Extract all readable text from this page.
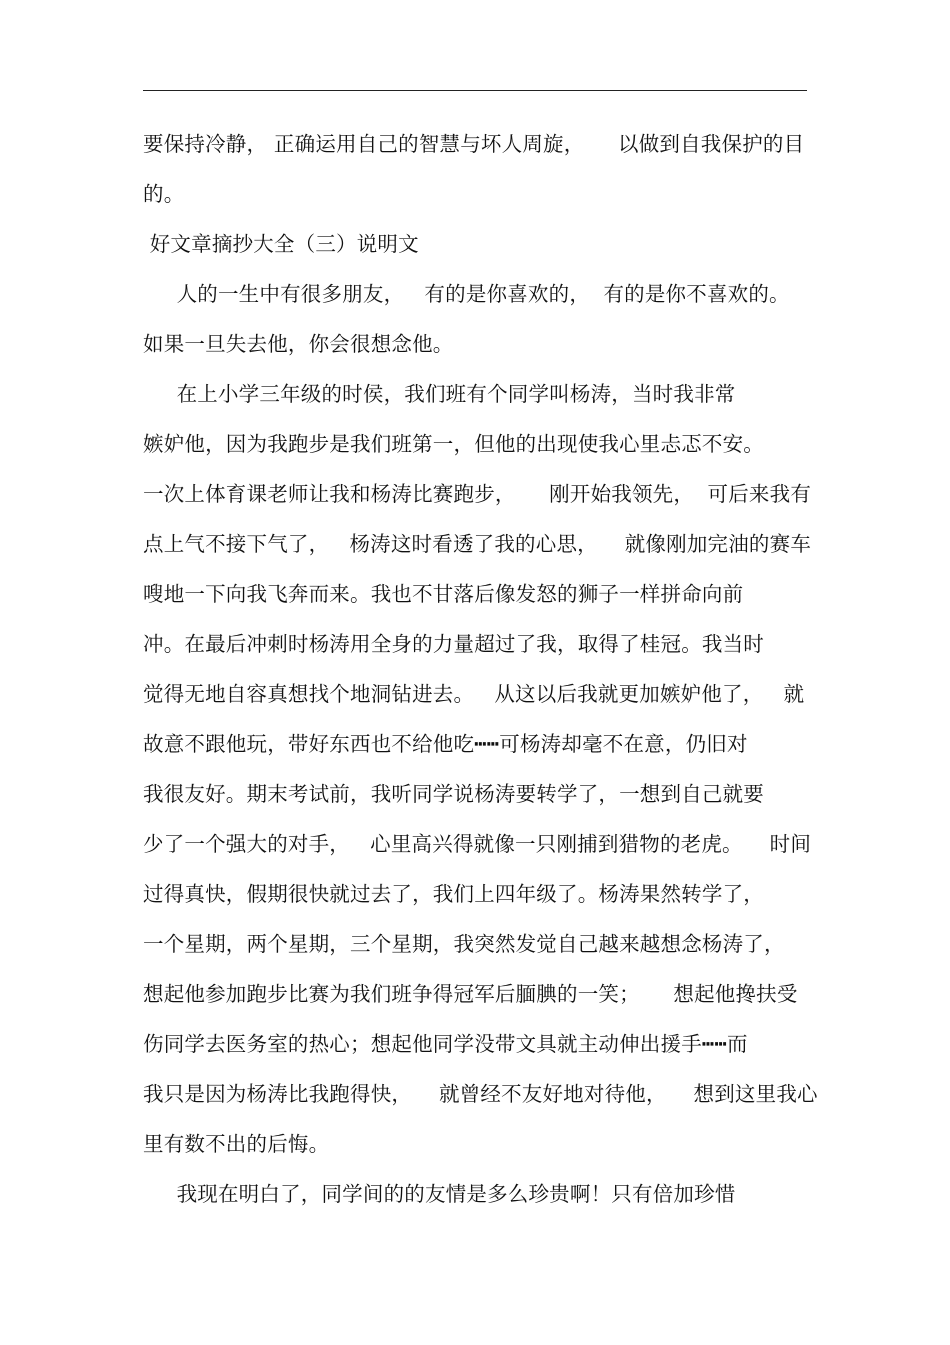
要保持冷静， 正确运用自己的智慧与坏人周旋，     以做到自我保护的目
的。
好文章摘抄大全（三）说明文
人的一生中有很多朋友，   有的是你喜欢的，  有的是你不喜欢的。
如果一旦失去他，你会很想念他。
在上小学三年级的时侯，我们班有个同学叫杨涛，当时我非常
嫉妒他，因为我跑步是我们班第一，但他的出现使我心里忐忑不安。
一次上体育课老师让我和杨涛比赛跑步，     刚开始我领先，  可后来我有
点上气不接下气了，   杨涛这时看透了我的心思，    就像刚加完油的赛车
嗖地一下向我飞奔而来。我也不甘落后像发怒的狮子一样拼命向前
冲。在最后冲刺时杨涛用全身的力量超过了我，取得了桂冠。我当时
觉得无地自容真想找个地洞钻进去。   从这以后我就更加嫉妒他了，   就
故意不跟他玩，带好东西也不给他吃┅┅可杨涛却毫不在意，仍旧对
我很友好。期末考试前，我听同学说杨涛要转学了，一想到自己就要
少了一个强大的对手，   心里高兴得就像一只刚捕到猎物的老虎。    时间
过得真快，假期很快就过去了，我们上四年级了。杨涛果然转学了，
一个星期，两个星期，三个星期，我突然发觉自己越来越想念杨涛了，
想起他参加跑步比赛为我们班争得冠军后腼腆的一笑；     想起他搀扶受
伤同学去医务室的热心；想起他同学没带文具就主动伸出援手┅┅而
我只是因为杨涛比我跑得快，    就曾经不友好地对待他，    想到这里我心
里有数不出的后悔。
我现在明白了，同学间的的友情是多么珍贵啊！只有倍加珍惜
